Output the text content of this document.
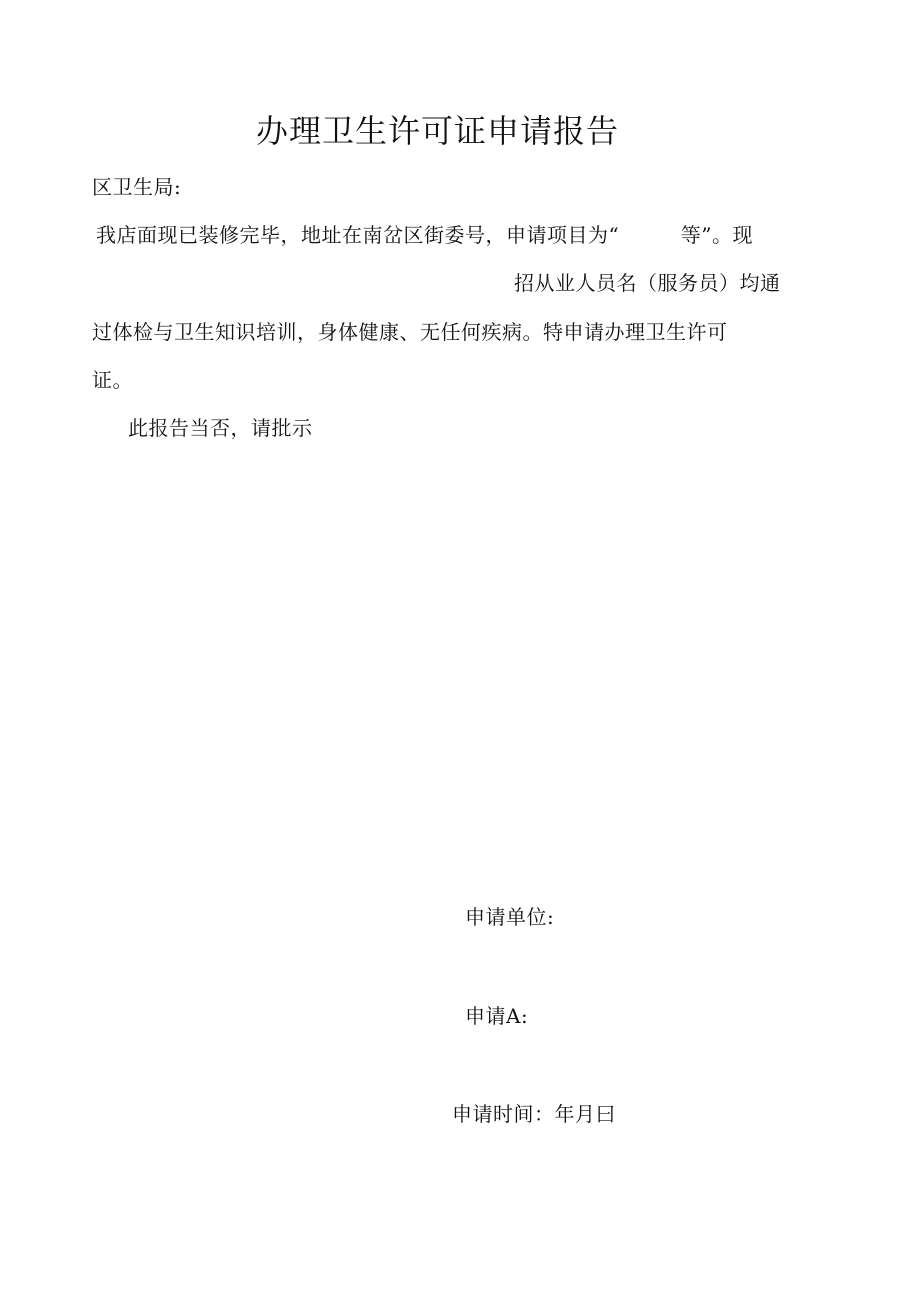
办理卫生许可证申请报告
区卫生局:
我店面现已装修完毕，地址在南岔区街委号，申请项目为“　　　等”。现
招从业人员名（服务员）均通
过体检与卫生知识培训，身体健康、无任何疾病。特申请办理卫生许可
证。
此报告当否，请批示
申请单位:
申请A:
申请时间：年月曰
